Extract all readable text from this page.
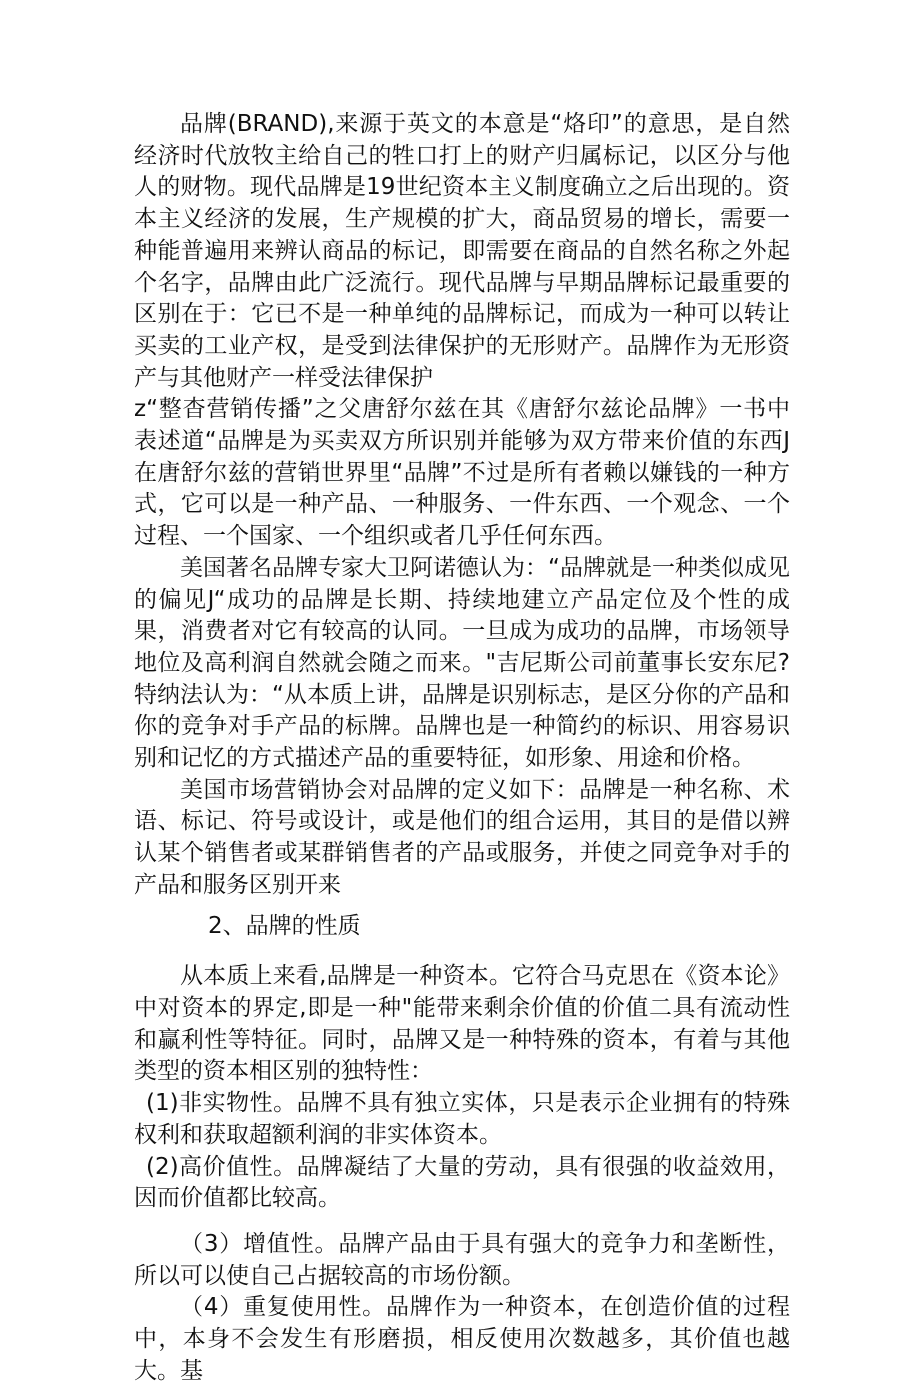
品牌(BRAND),来源于英文的本意是“烙印”的意思，是自然经济时代放牧主给自己的牲口打上的财产归属标记，以区分与他人的财物。现代品牌是19世纪资本主义制度确立之后出现的。资本主义经济的发展，生产规模的扩大，商品贸易的增长，需要一种能普遍用来辨认商品的标记，即需要在商品的自然名称之外起个名字，品牌由此广泛流行。现代品牌与早期品牌标记最重要的区别在于：它已不是一种单纯的品牌标记，而成为一种可以转让买卖的工业产权，是受到法律保护的无形财产。品牌作为无形资产与其他财产一样受法律保护

z“整杳营销传播”之父唐舒尔兹在其《唐舒尔兹论品牌》一书中表述道“品牌是为买卖双方所识别并能够为双方带来价值的东西J在唐舒尔兹的营销世界里“品牌”不过是所有者赖以嫌钱的一种方式，它可以是一种产品、一种服务、一件东西、一个观念、一个过程、一个国家、一个组织或者几乎任何东西。

美国著名品牌专家大卫阿诺德认为：“品牌就是一种类似成见的偏见J“成功的品牌是长期、持续地建立产品定位及个性的成果，消费者对它有较高的认同。一旦成为成功的品牌，市场领导地位及高利润自然就会随之而来。"吉尼斯公司前董事长安东尼?特纳法认为：“从本质上讲，品牌是识别标志，是区分你的产品和你的竞争对手产品的标牌。品牌也是一种简约的标识、用容易识别和记忆的方式描述产品的重要特征，如形象、用途和价格。

美国市场营销协会对品牌的定义如下：品牌是一种名称、术语、标记、符号或设计，或是他们的组合运用，其目的是借以辨认某个销售者或某群销售者的产品或服务，并使之同竞争对手的产品和服务区别开来

2、品牌的性质

从本质上来看,品牌是一种资本。它符合马克思在《资本论》中对资本的界定,即是一种"能带来剩余价值的价值二具有流动性和赢利性等特征。同时，品牌又是一种特殊的资本，有着与其他类型的资本相区别的独特性：

(1)非实物性。品牌不具有独立实体，只是表示企业拥有的特殊权利和获取超额利润的非实体资本。

(2)高价值性。品牌凝结了大量的劳动，具有很强的收益效用，因而价值都比较高。

（3）增值性。品牌产品由于具有强大的竞争力和垄断性，所以可以使自己占据较高的市场份额。

（4）重复使用性。品牌作为一种资本，在创造价值的过程中，本身不会发生有形磨损，相反使用次数越多，其价值也越大。基
